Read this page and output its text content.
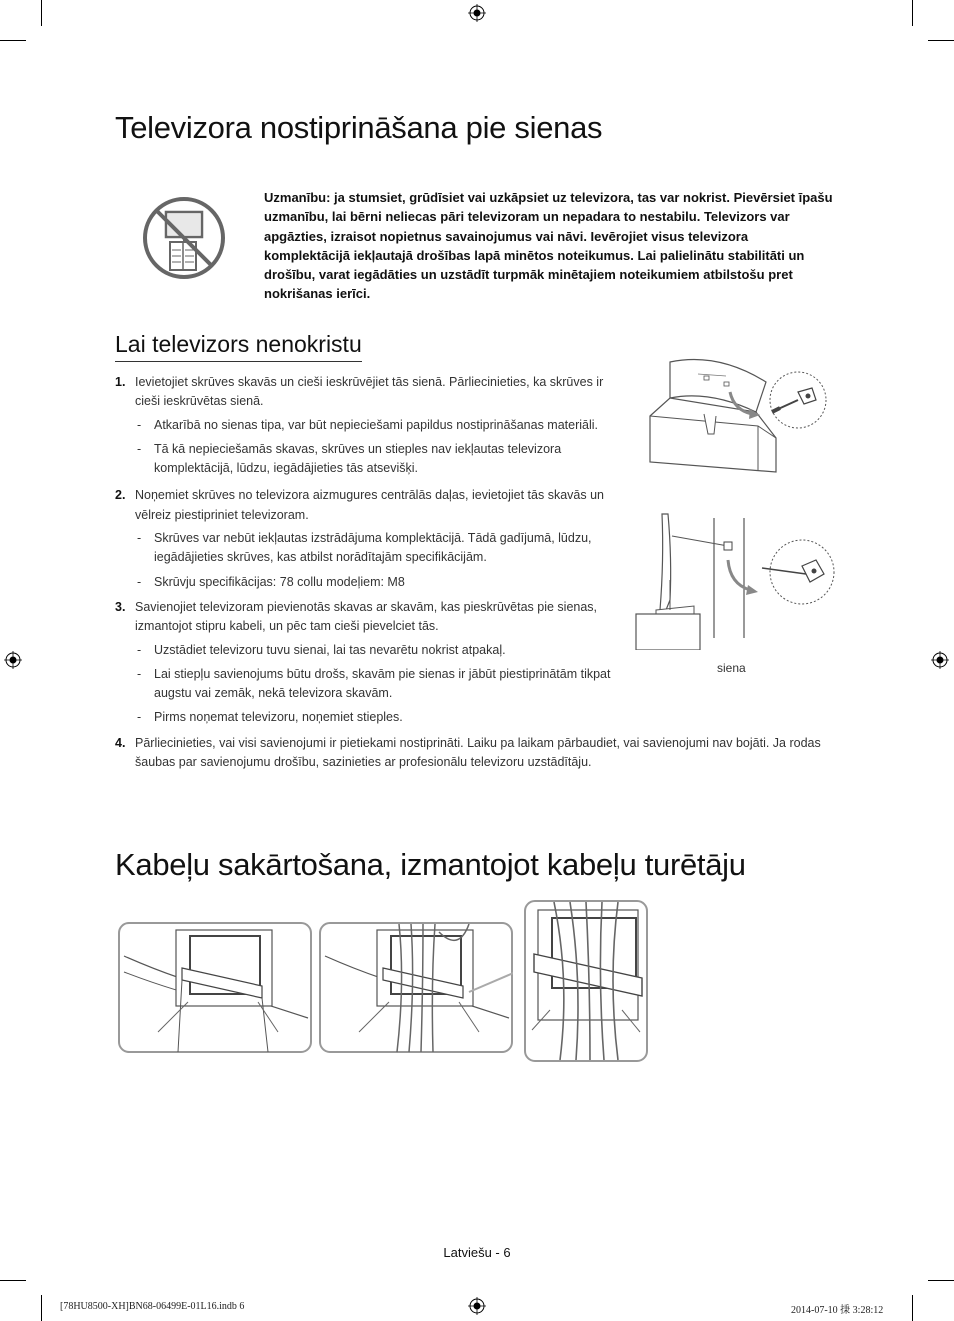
Televizora nostiprināšana pie sienas

Uzmanību: ja stumsiet, grūdīsiet vai uzkāpsiet uz televizora, tas var nokrist. Pievērsiet īpašu uzmanību, lai bērni neliecas pāri televizoram un nepadara to nestabilu. Televizors var apgāzties, izraisot nopietnus savainojumus vai nāvi. Ievērojiet visus televizora komplektācijā iekļautajā drošības lapā minētos noteikumus. Lai palielinātu stabilitāti un drošību, varat iegādāties un uzstādīt turpmāk minētajiem noteikumiem atbilstošu pret nokrišanas ierīci.

Lai televizors nenokristu
1. Ievietojiet skrūves skavās un cieši ieskrūvējiet tās sienā. Pārliecinieties, ka skrūves ir cieši ieskrūvētas sienā.
- Atkarībā no sienas tipa, var būt nepieciešami papildus nostiprināšanas materiāli.
- Tā kā nepieciešamās skavas, skrūves un stieples nav iekļautas televizora komplektācijā, lūdzu, iegādājieties tās atsevišķi.
2. Noņemiet skrūves no televizora aizmugures centrālās daļas, ievietojiet tās skavās un vēlreiz piestipriniet televizoram.
- Skrūves var nebūt iekļautas izstrādājuma komplektācijā. Tādā gadījumā, lūdzu, iegādājieties skrūves, kas atbilst norādītajām specifikācijām.
- Skrūvju specifikācijas: 78 collu modeļiem: M8
3. Savienojiet televizoram pievienotās skavas ar skavām, kas pieskrūvētas pie sienas, izmantojot stipru kabeli, un pēc tam cieši pievelciet tās.
- Uzstādiet televizoru tuvu sienai, lai tas nevarētu nokrist atpakaļ.
- Lai stiepļu savienojums būtu drošs, skavām pie sienas ir jābūt piestiprinātām tikpat augstu vai zemāk, nekā televizora skavām.
- Pirms noņemat televizoru, noņemiet stieples.
4. Pārliecinieties, vai visi savienojumi ir pietiekami nostiprināti. Laiku pa laikam pārbaudiet, vai savienojumi nav bojāti. Ja rodas šaubas par savienojumu drošību, sazinieties ar profesionālu televizoru uzstādītāju.
siena
Kabeļu sakārtošana, izmantojot kabeļu turētāju
Latviešu - 6
[78HU8500-XH]BN68-06499E-01L16.indb 6	2014-07-10 㨀 3:28:12
